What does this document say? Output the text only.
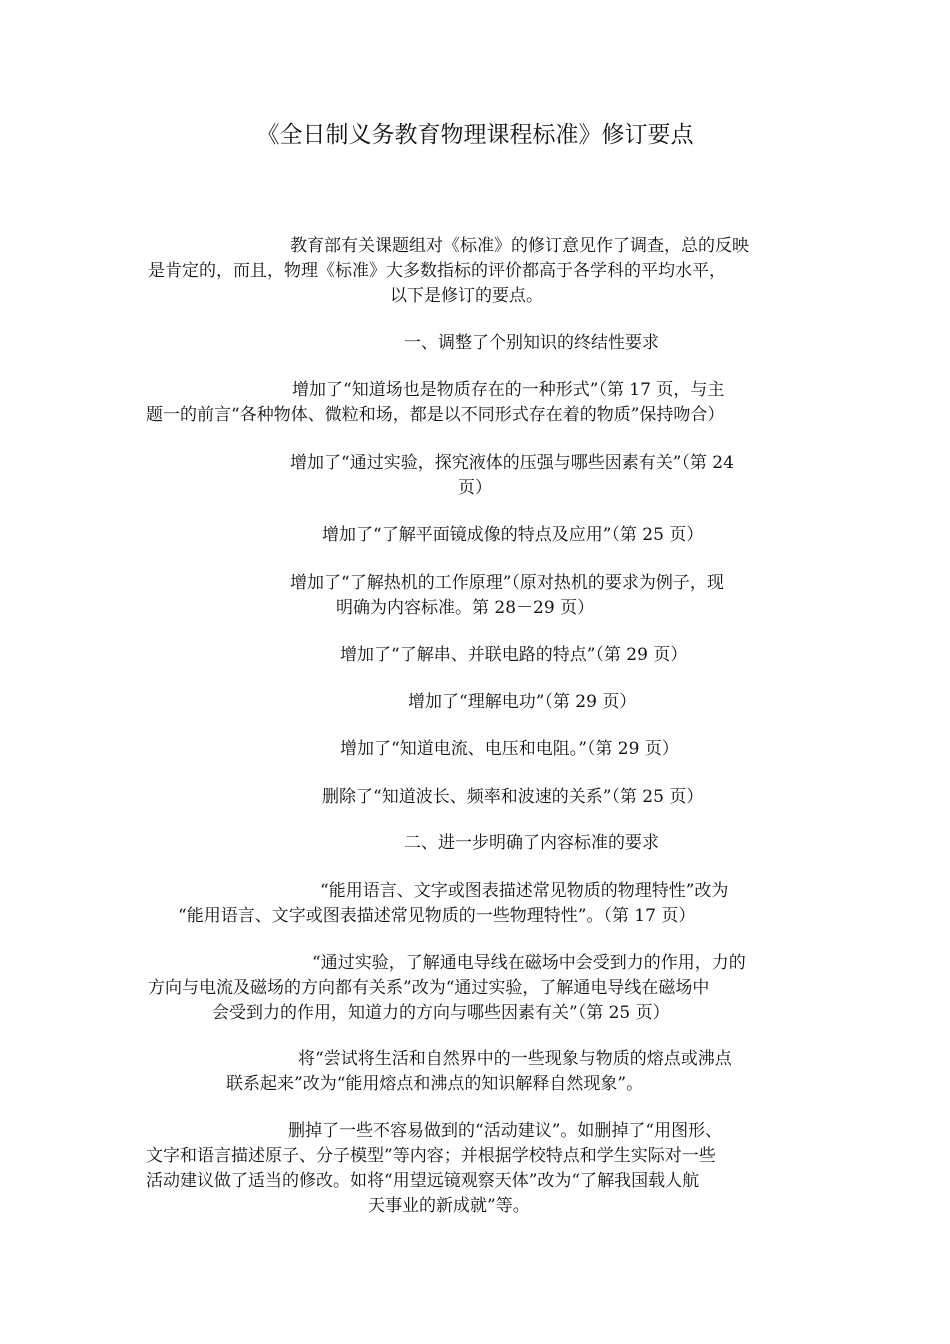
《全日制义务教育物理课程标准》修订要点
教育部有关课题组对《标准》的修订意见作了调查，总的反映
是肯定的，而且，物理《标准》大多数指标的评价都高于各学科的平均水平，
以下是修订的要点。
一、调整了个别知识的终结性要求
增加了“知道场也是物质存在的一种形式”（第 17 页，与主
题一的前言“各种物体、微粒和场，都是以不同形式存在着的物质”保持吻合）
增加了“通过实验，探究液体的压强与哪些因素有关”（第 24
页）
增加了“了解平面镜成像的特点及应用”（第 25 页）
增加了“了解热机的工作原理”（原对热机的要求为例子，现
明确为内容标准。第 28－29 页）
增加了“了解串、并联电路的特点”（第 29 页）
增加了“理解电功”（第 29 页）
增加了“知道电流、电压和电阻。”（第 29 页）
删除了“知道波长、频率和波速的关系”（第 25 页）
二、进一步明确了内容标准的要求
“能用语言、文字或图表描述常见物质的物理特性”改为
“能用语言、文字或图表描述常见物质的一些物理特性”。（第 17 页）
“通过实验，了解通电导线在磁场中会受到力的作用，力的
方向与电流及磁场的方向都有关系”改为“通过实验，了解通电导线在磁场中
会受到力的作用，知道力的方向与哪些因素有关”（第 25 页）
将“尝试将生活和自然界中的一些现象与物质的熔点或沸点
联系起来”改为“能用熔点和沸点的知识解释自然现象”。
删掉了一些不容易做到的“活动建议”。如删掉了“用图形、
文字和语言描述原子、分子模型”等内容；并根据学校特点和学生实际对一些
活动建议做了适当的修改。如将“用望远镜观察天体”改为“了解我国载人航
天事业的新成就”等。
